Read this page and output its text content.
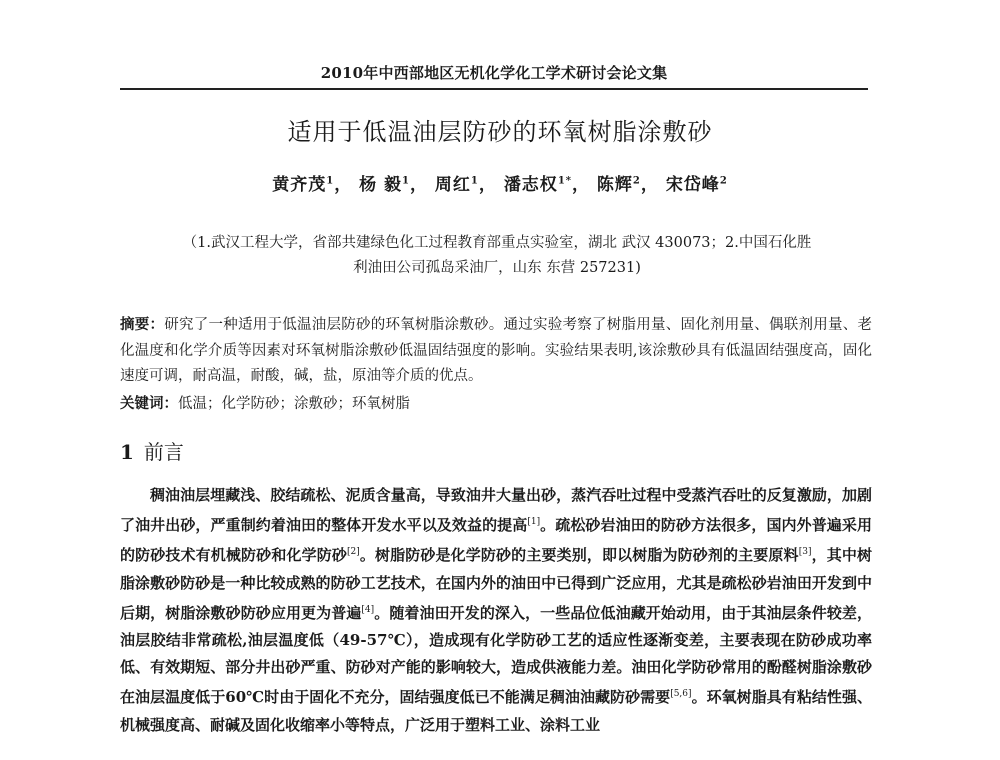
2010年中西部地区无机化学化工学术研讨会论文集
适用于低温油层防砂的环氧树脂涂敷砂
黄齐茂$^1$， 杨 毅$^1$， 周红$^1$， 潘志权$^{1*}$， 陈辉$^2$， 宋岱峰$^2$
（1.武汉工程大学，省部共建绿色化工过程教育部重点实验室，湖北 武汉 430073；2.中国石化胜
利油田公司孤岛采油厂，山东 东营 257231)
摘要：研究了一种适用于低温油层防砂的环氧树脂涂敷砂。通过实验考察了树脂用量、固化剂用量、偶联剂用量、老化温度和化学介质等因素对环氧树脂涂敷砂低温固结强度的影响。实验结果表明,该涂敷砂具有低温固结强度高，固化速度可调，耐高温，耐酸，碱，盐，原油等介质的优点。
关键词：低温；化学防砂；涂敷砂；环氧树脂
1 前言
稠油油层埋藏浅、胶结疏松、泥质含量高，导致油井大量出砂，蒸汽吞吐过程中受蒸汽吞吐的反复激励，加剧了油井出砂，严重制约着油田的整体开发水平以及效益的提高[1]。疏松砂岩油田的防砂方法很多，国内外普遍采用的防砂技术有机械防砂和化学防砂[2]。树脂防砂是化学防砂的主要类别，即以树脂为防砂剂的主要原料[3]，其中树脂涂敷砂防砂是一种比较成熟的防砂工艺技术，在国内外的油田中已得到广泛应用，尤其是疏松砂岩油田开发到中后期，树脂涂敷砂防砂应用更为普遍[4]。随着油田开发的深入，一些品位低油藏开始动用，由于其油层条件较差，油层胶结非常疏松,油层温度低（49-57℃），造成现有化学防砂工艺的适应性逐渐变差，主要表现在防砂成功率低、有效期短、部分井出砂严重、防砂对产能的影响较大，造成供液能力差。油田化学防砂常用的酚醛树脂涂敷砂在油层温度低于60℃时由于固化不充分，固结强度低已不能满足稠油油藏防砂需要[5,6]。环氧树脂具有粘结性强、机械强度高、耐碱及固化收缩率小等特点，广泛用于塑料工业、涂料工业
